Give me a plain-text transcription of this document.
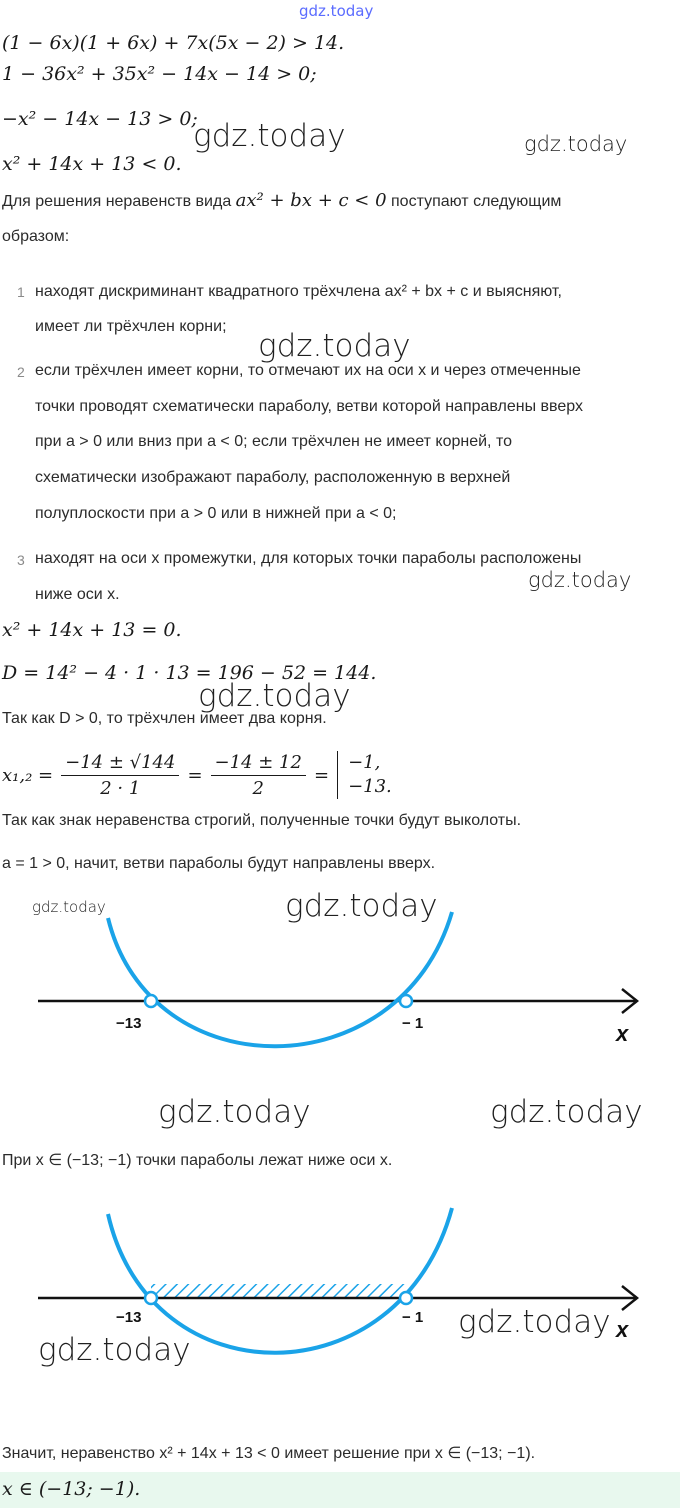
gdz.today
(1 − 6x)(1 + 6x) + 7x(5x − 2) > 14.
1 − 36x² + 35x² − 14x − 14 > 0;
−x² − 14x − 13 > 0;
x² + 14x + 13 < 0.
gdz.today	gdz.today
Для решения неравенств вида ax² + bx + c < 0 поступают следующим
образом:
1 находят дискриминант квадратного трёхчлена ax² + bx + c и выясняют,
имеет ли трёхчлен корни;
gdz.today
2 если трёхчлен имеет корни, то отмечают их на оси x и через отмеченные
точки проводят схематически параболу, ветви которой направлены вверх
при a > 0 или вниз при a < 0; если трёхчлен не имеет корней, то
схематически изображают параболу, расположенную в верхней
полуплоскости при a > 0 или в нижней при a < 0;
3 находят на оси x промежутки, для которых точки параболы расположены
ниже оси x.
gdz.today
x² + 14x + 13 = 0.
D = 14² − 4 · 1 · 13 = 196 − 52 = 144.
gdz.today
Так как D > 0, то трёхчлен имеет два корня.
$x_1,_2 = \frac{-14 \pm √144}{2 \cdot 1} = \frac{-14 \pm 12}{2}$ =
−1,
−13.
Так как знак неравенства строгий, полученные точки будут выколоты.
a = 1 > 0, начит, ветви параболы будут направлены вверх.
gdz.today	gdz.today
−13	− 1	x
gdz.today	gdz.today
При x ∈ (−13; −1) точки параболы лежат ниже оси x.
−13	− 1	x
gdz.today
gdz.today
Значит, неравенство x² + 14x + 13 < 0 имеет решение при x ∈ (−13; −1).
x ∈ (−13; −1).
